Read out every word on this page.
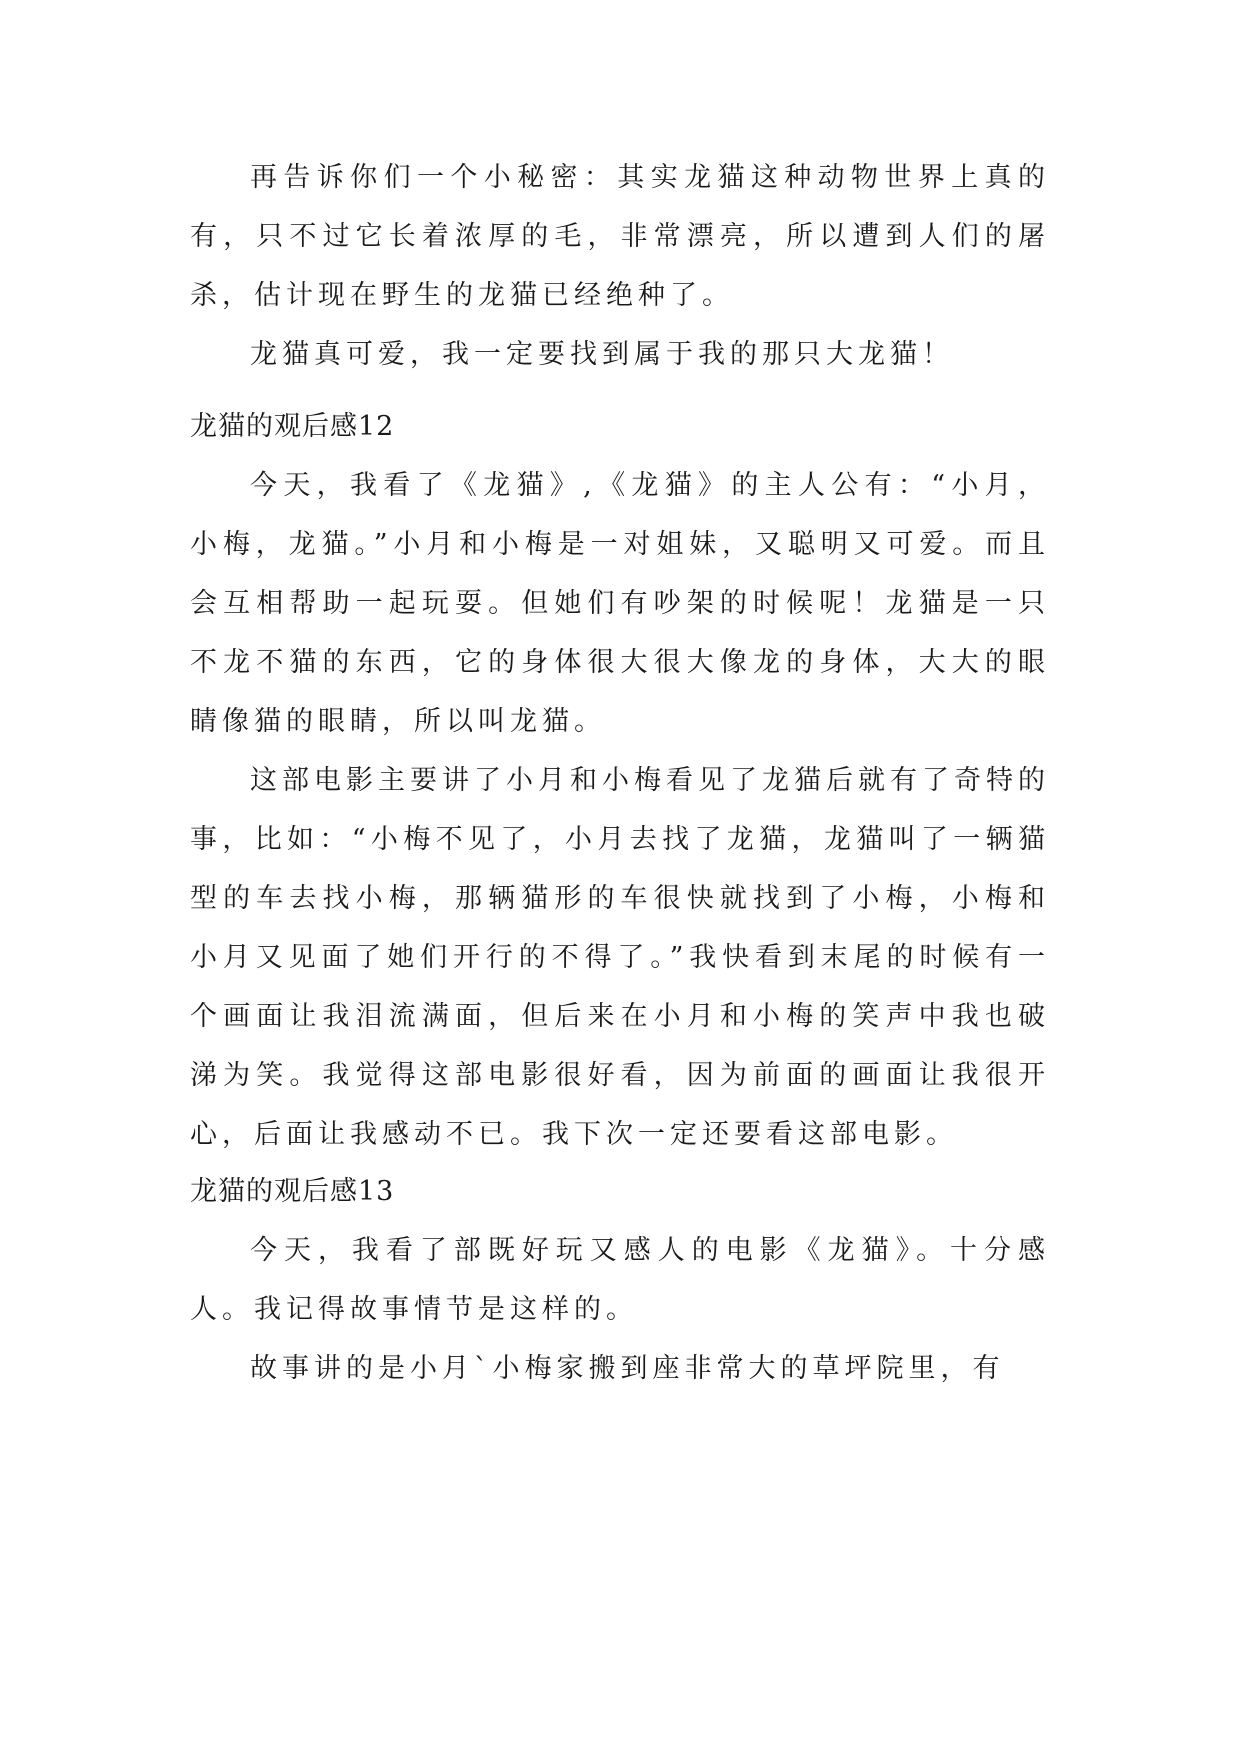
再告诉你们一个小秘密：其实龙猫这种动物世界上真的有，只不过它长着浓厚的毛，非常漂亮，所以遭到人们的屠杀，估计现在野生的龙猫已经绝种了。

龙猫真可爱，我一定要找到属于我的那只大龙猫！

龙猫的观后感12

今天，我看了《龙猫》,《龙猫》的主人公有：“小月，小梅，龙猫。”小月和小梅是一对姐妹，又聪明又可爱。而且会互相帮助一起玩耍。但她们有吵架的时候呢！龙猫是一只不龙不猫的东西，它的身体很大很大像龙的身体，大大的眼睛像猫的眼睛，所以叫龙猫。

这部电影主要讲了小月和小梅看见了龙猫后就有了奇特的事，比如：“小梅不见了，小月去找了龙猫，龙猫叫了一辆猫型的车去找小梅，那辆猫形的车很快就找到了小梅，小梅和小月又见面了她们开行的不得了。”我快看到末尾的时候有一个画面让我泪流满面，但后来在小月和小梅的笑声中我也破涕为笑。我觉得这部电影很好看，因为前面的画面让我很开心，后面让我感动不已。我下次一定还要看这部电影。

龙猫的观后感13

今天，我看了部既好玩又感人的电影《龙猫》。十分感人。我记得故事情节是这样的。

故事讲的是小月`小梅家搬到座非常大的草坪院里，有
